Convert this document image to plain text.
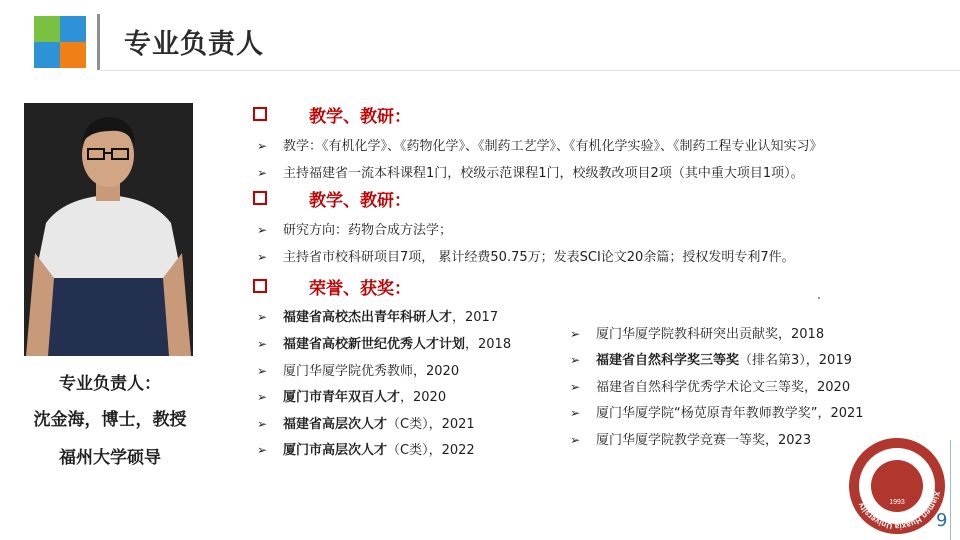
专业负责人
专业负责人：
沈金海，博士，教授
福州大学硕导
教学、教研：
➢ 教学：《有机化学》、《药物化学》、《制药工艺学》、《有机化学实验》、《制药工程专业认知实习》
➢ 主持福建省一流本科课程1门，校级示范课程1门，校级教改项目2项（其中重大项目1项）。
教学、教研：
➢ 研究方向：药物合成方法学；
➢ 主持省市校科研项目7项， 累计经费50.75万；发表SCI论文20余篇；授权发明专利7件。
荣誉、获奖：
➢ 福建省高校杰出青年科研人才，2017
➢ 福建省高校新世纪优秀人才计划，2018
➢ 厦门华厦学院优秀教师，2020
➢ 厦门市青年双百人才，2020
➢ 福建省高层次人才（C类），2021
➢ 厦门市高层次人才（C类），2022
➢ 厦门华厦学院教科研突出贡献奖，2018
➢ 福建省自然科学奖三等奖（排名第3），2019
➢ 福建省自然科学优秀学术论文三等奖，2020
➢ 厦门华厦学院“杨苋原青年教师教学奖”，2021
➢ 厦门华厦学院教学竞赛一等奖，2023
Xiamen Huaxia University	1993
9
